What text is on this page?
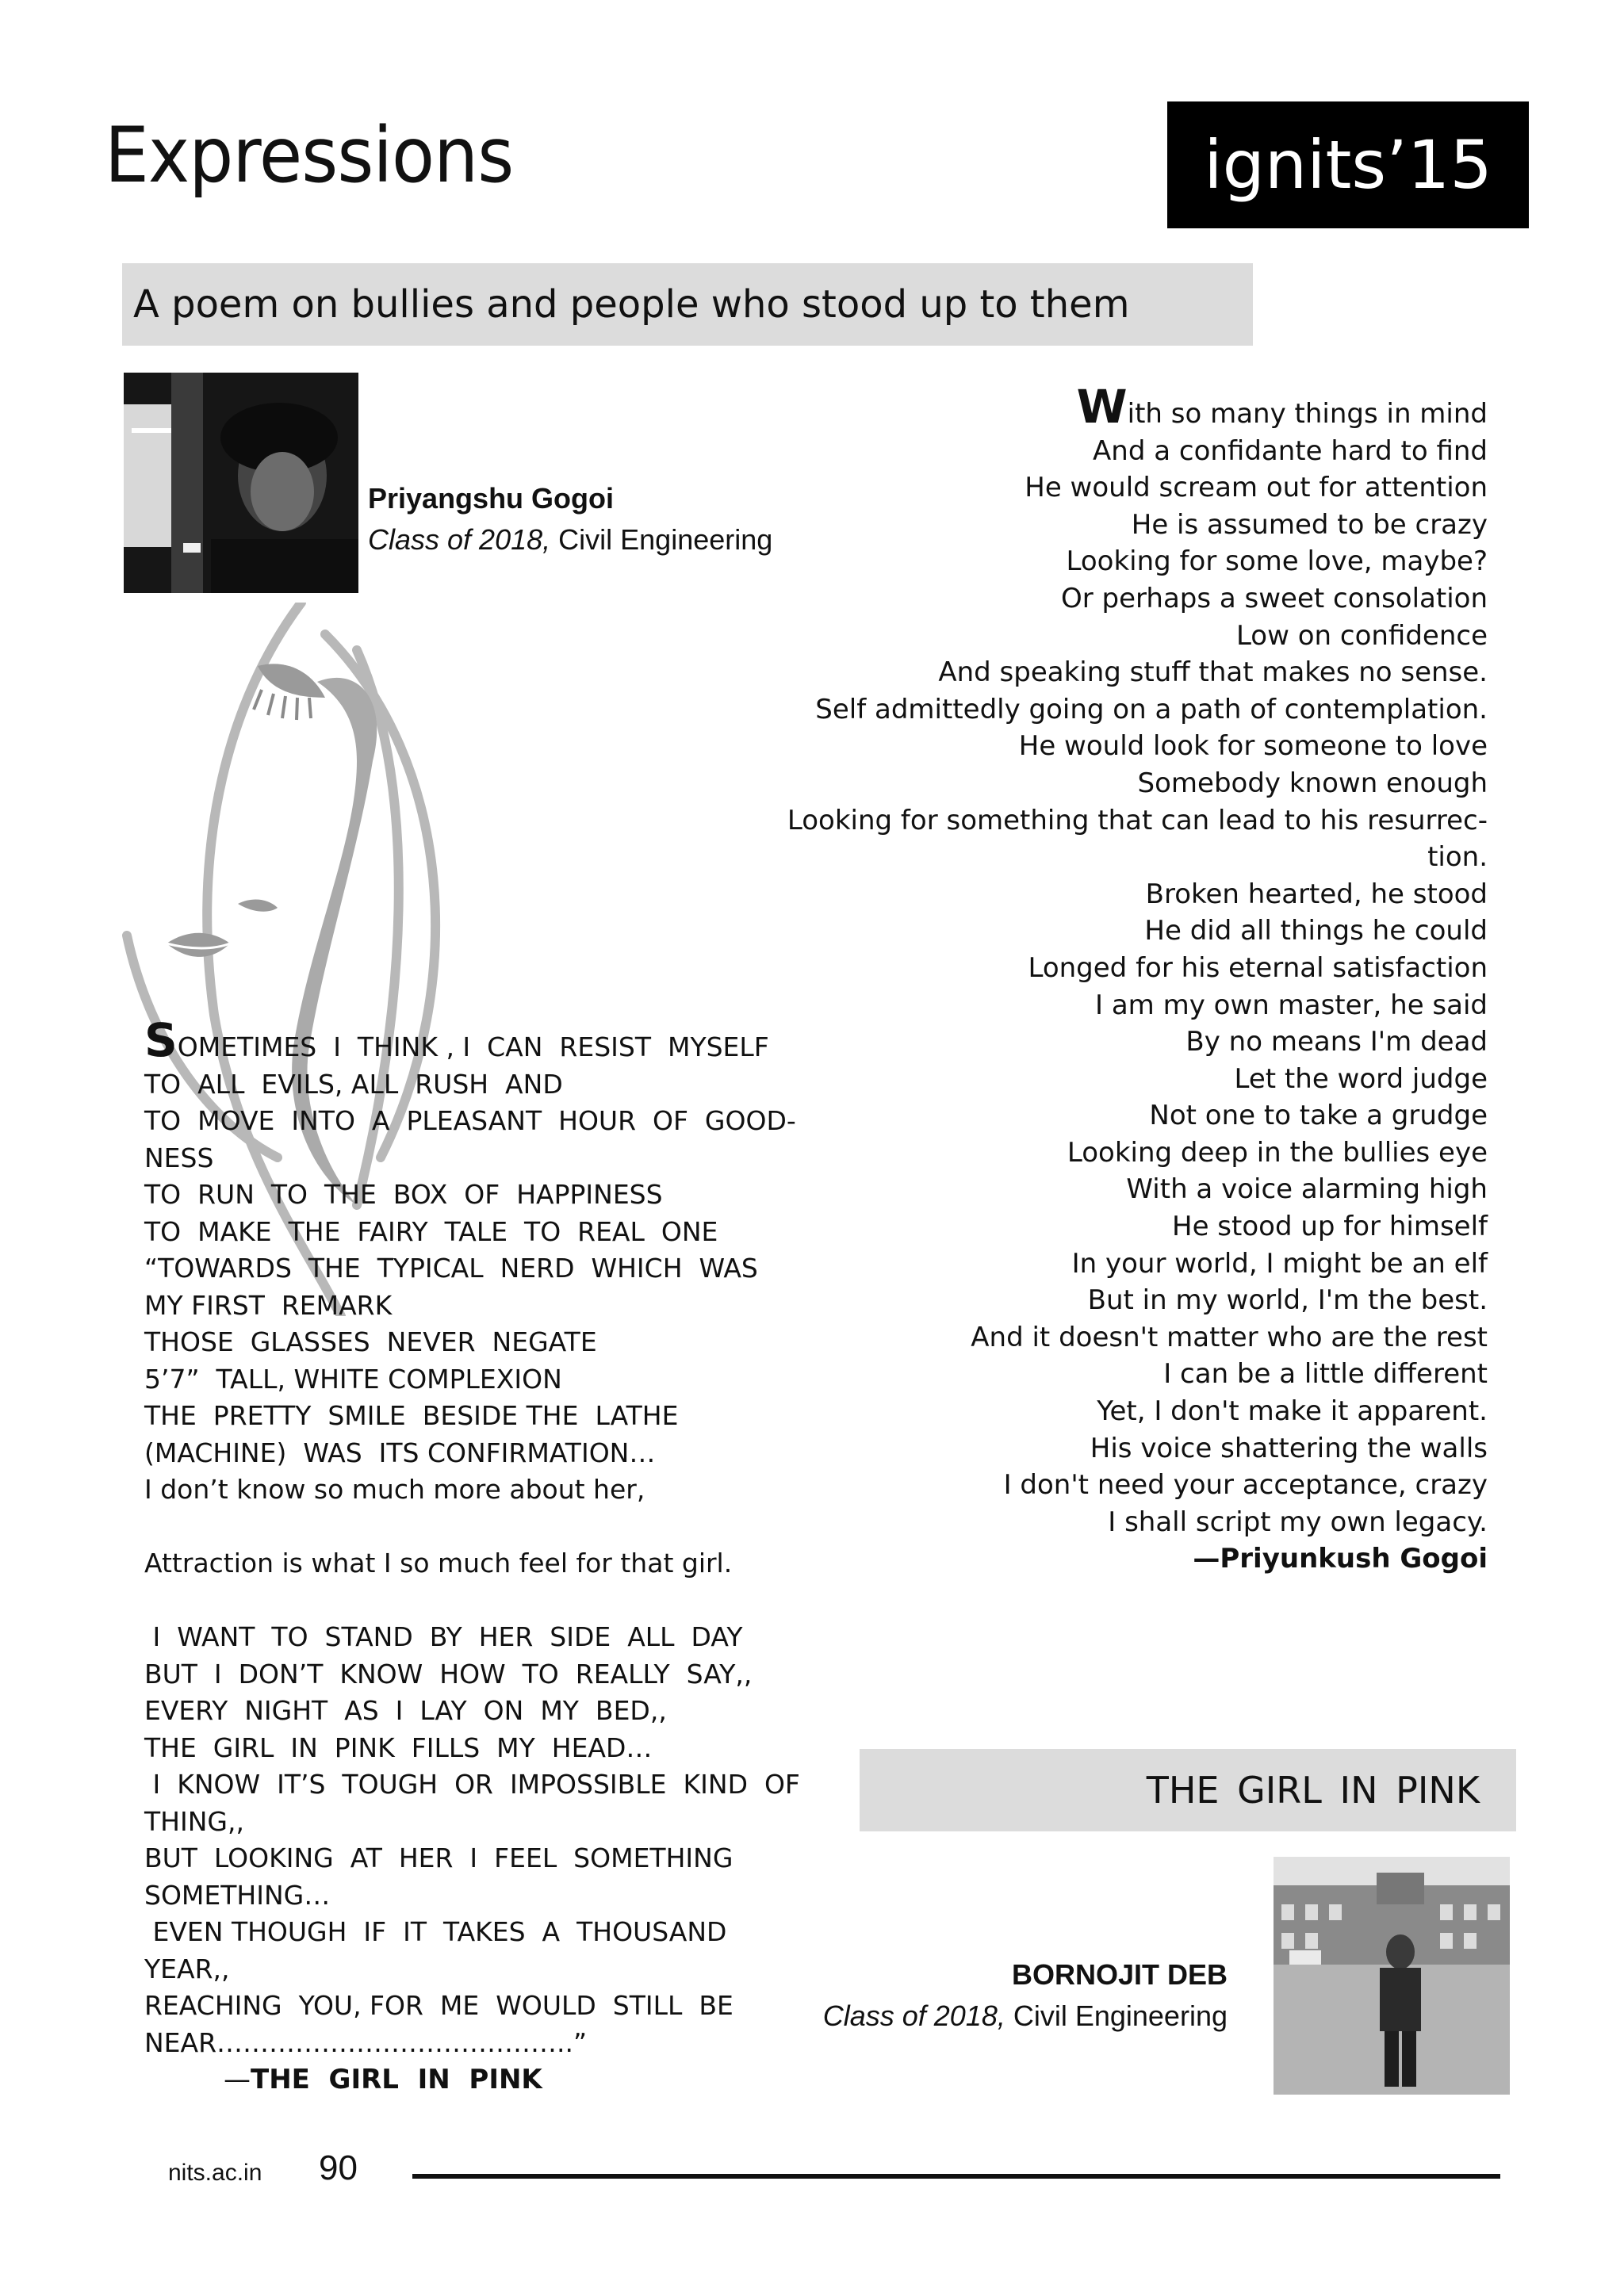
Expressions	ignits’15
A poem on bullies and people who stood up to them
Priyangshu Gogoi
Class of 2018, Civil Engineering
SOMETIMES  I  THINK , I  CAN  RESIST  MYSELF
TO  ALL  EVILS, ALL  RUSH  AND
TO  MOVE  INTO  A  PLEASANT  HOUR  OF  GOOD-
NESS
TO  RUN  TO  THE  BOX  OF  HAPPINESS
TO  MAKE  THE  FAIRY  TALE  TO  REAL  ONE
“TOWARDS  THE  TYPICAL  NERD  WHICH  WAS
MY FIRST  REMARK
THOSE  GLASSES  NEVER  NEGATE
5’7”  TALL, WHITE COMPLEXION
THE  PRETTY  SMILE  BESIDE THE  LATHE
(MACHINE)  WAS  ITS CONFIRMATION…
I don’t know so much more about her,
Attraction is what I so much feel for that girl.
I  WANT  TO  STAND  BY  HER  SIDE  ALL  DAY
BUT  I  DON’T  KNOW  HOW  TO  REALLY  SAY,,
EVERY  NIGHT  AS  I  LAY  ON  MY  BED,,
THE  GIRL  IN  PINK  FILLS  MY  HEAD…
I  KNOW  IT’S  TOUGH  OR  IMPOSSIBLE  KIND  OF
THING,,
BUT  LOOKING  AT  HER  I  FEEL  SOMETHING
SOMETHING…
EVEN THOUGH  IF  IT  TAKES  A  THOUSAND
YEAR,,
REACHING  YOU, FOR  ME  WOULD  STILL  BE
NEAR…………………………………..”
—THE  GIRL  IN  PINK
With so many things in mind
And a confidante hard to find
He would scream out for attention
He is assumed to be crazy
Looking for some love, maybe?
Or perhaps a sweet consolation
Low on confidence
And speaking stuff that makes no sense.
Self admittedly going on a path of contemplation.
He would look for someone to love
Somebody known enough
Looking for something that can lead to his resurrec-
tion.
Broken hearted, he stood
He did all things he could
Longed for his eternal satisfaction
I am my own master, he said
By no means I'm dead
Let the word judge
Not one to take a grudge
Looking deep in the bullies eye
With a voice alarming high
He stood up for himself
In your world, I might be an elf
But in my world, I'm the best.
And it doesn't matter who are the rest
I can be a little different
Yet, I don't make it apparent.
His voice shattering the walls
I don't need your acceptance, crazy
I shall script my own legacy.
—Priyunkush Gogoi
THE GIRL IN PINK
BORNOJIT DEB
Class of 2018, Civil Engineering
nits.ac.in 90
